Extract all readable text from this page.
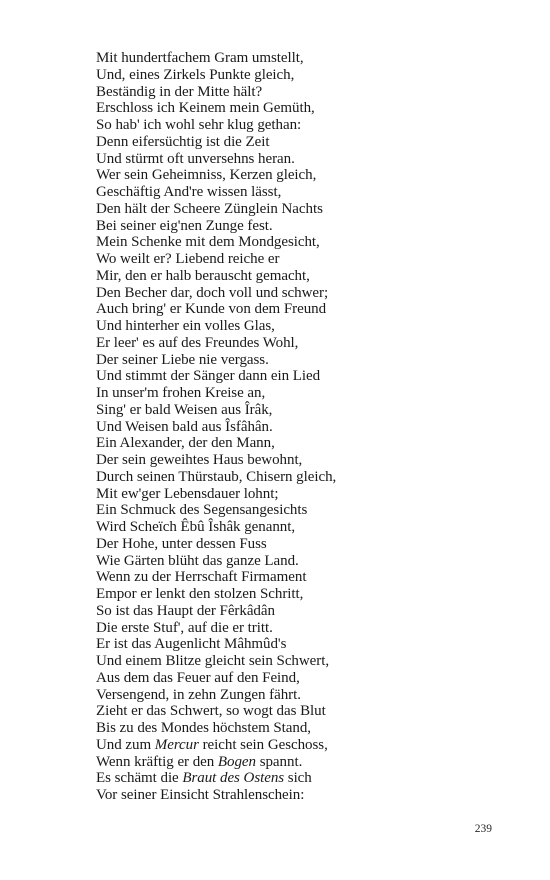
Mit hundertfachem Gram umstellt,
Und, eines Zirkels Punkte gleich,
Beständig in der Mitte hält?
Erschloss ich Keinem mein Gemüth,
So hab' ich wohl sehr klug gethan:
Denn eifersüchtig ist die Zeit
Und stürmt oft unversehns heran.
Wer sein Geheimniss, Kerzen gleich,
Geschäftig And're wissen lässt,
Den hält der Scheere Zünglein Nachts
Bei seiner eig'nen Zunge fest.
Mein Schenke mit dem Mondgesicht,
Wo weilt er? Liebend reiche er
Mir, den er halb berauscht gemacht,
Den Becher dar, doch voll und schwer;
Auch bring' er Kunde von dem Freund
Und hinterher ein volles Glas,
Er leer' es auf des Freundes Wohl,
Der seiner Liebe nie vergass.
Und stimmt der Sänger dann ein Lied
In unser'm frohen Kreise an,
Sing' er bald Weisen aus Îrâk,
Und Weisen bald aus Îsfâhân.
Ein Alexander, der den Mann,
Der sein geweihtes Haus bewohnt,
Durch seinen Thürstaub, Chisern gleich,
Mit ew'ger Lebensdauer lohnt;
Ein Schmuck des Segensangesichts
Wird Scheïch Êbû Îshâk genannt,
Der Hohe, unter dessen Fuss
Wie Gärten blüht das ganze Land.
Wenn zu der Herrschaft Firmament
Empor er lenkt den stolzen Schritt,
So ist das Haupt der Fêrkâdân
Die erste Stuf', auf die er tritt.
Er ist das Augenlicht Mâhmûd's
Und einem Blitze gleicht sein Schwert,
Aus dem das Feuer auf den Feind,
Versengend, in zehn Zungen fährt.
Zieht er das Schwert, so wogt das Blut
Bis zu des Mondes höchstem Stand,
Und zum Mercur reicht sein Geschoss,
Wenn kräftig er den Bogen spannt.
Es schämt die Braut des Ostens sich
Vor seiner Einsicht Strahlenschein:
239
